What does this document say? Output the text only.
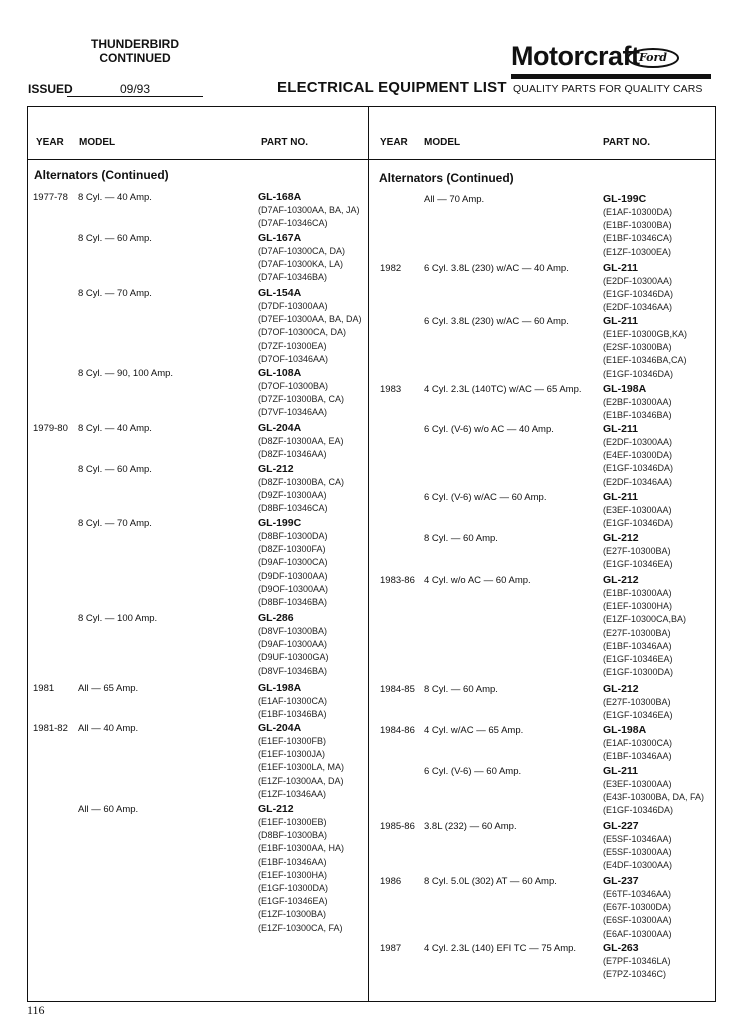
THUNDERBIRD
CONTINUED
ISSUED	09/93	ELECTRICAL EQUIPMENT LIST
Motorcraft Ford
QUALITY PARTS FOR QUALITY CARS
YEAR MODEL	PART NO.	YEAR MODEL	PART NO.
Alternators (Continued)	Alternators (Continued)
1977-78 8 Cyl. — 40 Amp.	GL-168A
(D7AF-10300AA, BA, JA)
(D7AF-10346CA)
8 Cyl. — 60 Amp.	GL-167A
(D7AF-10300CA, DA)
(D7AF-10300KA, LA)
(D7AF-10346BA)
8 Cyl. — 70 Amp.	GL-154A
(D7DF-10300AA)
(D7EF-10300AA, BA, DA)
(D7OF-10300CA, DA)
(D7ZF-10300EA)
(D7OF-10346AA)
8 Cyl. — 90, 100 Amp.	GL-108A
(D7OF-10300BA)
(D7ZF-10300BA, CA)
(D7VF-10346AA)
1979-80 8 Cyl. — 40 Amp.	GL-204A
(D8ZF-10300AA, EA)
(D8ZF-10346AA)
8 Cyl. — 60 Amp.	GL-212
(D8ZF-10300BA, CA)
(D9ZF-10300AA)
(D8BF-10346CA)
8 Cyl. — 70 Amp.	GL-199C
(D8BF-10300DA)
(D8ZF-10300FA)
(D9AF-10300CA)
(D9DF-10300AA)
(D9OF-10300AA)
(D8BF-10346BA)
8 Cyl. — 100 Amp.	GL-286
(D8VF-10300BA)
(D9AF-10300AA)
(D9UF-10300GA)
(D8VF-10346BA)
1981	All — 65 Amp.	GL-198A
(E1AF-10300CA)
(E1BF-10346BA)
1981-82 All — 40 Amp.	GL-204A
(E1EF-10300FB)
(E1EF-10300JA)
(E1EF-10300LA, MA)
(E1ZF-10300AA, DA)
(E1ZF-10346AA)
All — 60 Amp.	GL-212
(E1EF-10300EB)
(D8BF-10300BA)
(E1BF-10300AA, HA)
(E1BF-10346AA)
(E1EF-10300HA)
(E1GF-10300DA)
(E1GF-10346EA)
(E1ZF-10300BA)
(E1ZF-10300CA, FA)
All — 70 Amp.	GL-199C
(E1AF-10300DA)
(E1BF-10300BA)
(E1BF-10346CA)
(E1ZF-10300EA)
1982 6 Cyl. 3.8L (230) w/AC — 40 Amp.	GL-211
(E2DF-10300AA)
(E1GF-10346DA)
(E2DF-10346AA)
6 Cyl. 3.8L (230) w/AC — 60 Amp.	GL-211
(E1EF-10300GB,KA)
(E2SF-10300BA)
(E1EF-10346BA,CA)
(E1GF-10346DA)
1983 4 Cyl. 2.3L (140TC) w/AC — 65 Amp. GL-198A
(E2BF-10300AA)
(E1BF-10346BA)
6 Cyl. (V-6) w/o AC — 40 Amp.	GL-211
(E2DF-10300AA)
(E4EF-10300DA)
(E1GF-10346DA)
(E2DF-10346AA)
6 Cyl. (V-6) w/AC — 60 Amp.	GL-211
(E3EF-10300AA)
(E1GF-10346DA)
8 Cyl. — 60 Amp.	GL-212
(E27F-10300BA)
(E1GF-10346EA)
1983-86 4 Cyl. w/o AC — 60 Amp.	GL-212
(E1BF-10300AA)
(E1EF-10300HA)
(E1ZF-10300CA,BA)
(E27F-10300BA)
(E1BF-10346AA)
(E1GF-10346EA)
(E1GF-10300DA)
1984-85 8 Cyl. — 60 Amp.	GL-212
(E27F-10300BA)
(E1GF-10346EA)
1984-86 4 Cyl. w/AC — 65 Amp.	GL-198A
(E1AF-10300CA)
(E1BF-10346AA)
6 Cyl. (V-6) — 60 Amp.	GL-211
(E3EF-10300AA)
(E43F-10300BA, DA, FA)
(E1GF-10346DA)
1985-86 3.8L (232) — 60 Amp.	GL-227
(E5SF-10346AA)
(E5SF-10300AA)
(E4DF-10300AA)
1986 8 Cyl. 5.0L (302) AT — 60 Amp.	GL-237
(E6TF-10346AA)
(E67F-10300DA)
(E6SF-10300AA)
(E6AF-10300AA)
1987 4 Cyl. 2.3L (140) EFI TC — 75 Amp.	GL-263
(E7PF-10346LA)
(E7PZ-10346C)
116
